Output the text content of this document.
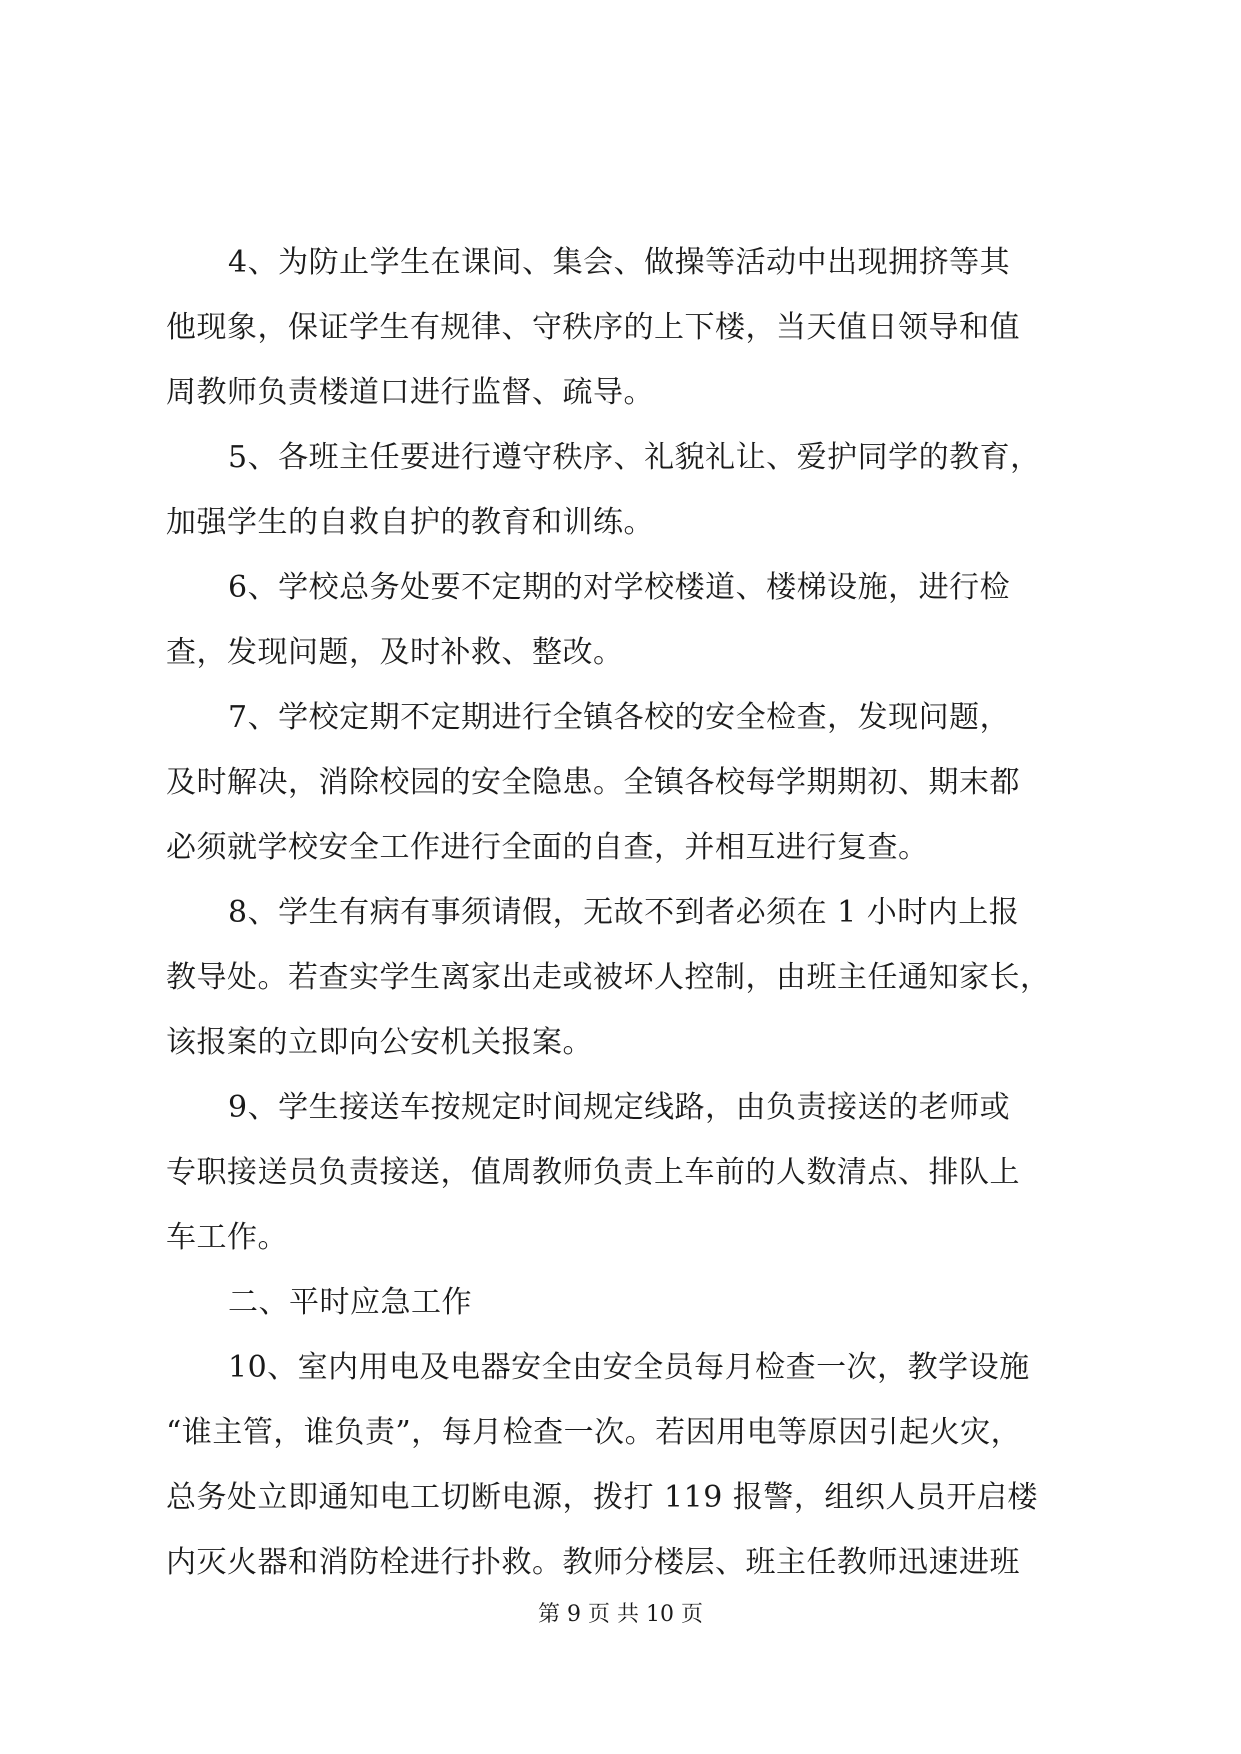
4、为防止学生在课间、集会、做操等活动中出现拥挤等其
他现象，保证学生有规律、守秩序的上下楼，当天值日领导和值
周教师负责楼道口进行监督、疏导。
5、各班主任要进行遵守秩序、礼貌礼让、爱护同学的教育，
加强学生的自救自护的教育和训练。
6、学校总务处要不定期的对学校楼道、楼梯设施，进行检
查，发现问题，及时补救、整改。
7、学校定期不定期进行全镇各校的安全检查，发现问题，
及时解决，消除校园的安全隐患。全镇各校每学期期初、期末都
必须就学校安全工作进行全面的自查，并相互进行复查。
8、学生有病有事须请假，无故不到者必须在 1 小时内上报
教导处。若查实学生离家出走或被坏人控制，由班主任通知家长，
该报案的立即向公安机关报案。
9、学生接送车按规定时间规定线路，由负责接送的老师或
专职接送员负责接送，值周教师负责上车前的人数清点、排队上
车工作。
二、平时应急工作
10、室内用电及电器安全由安全员每月检查一次，教学设施
“谁主管，谁负责”，每月检查一次。若因用电等原因引起火灾，
总务处立即通知电工切断电源，拨打 119 报警，组织人员开启楼
内灭火器和消防栓进行扑救。教师分楼层、班主任教师迅速进班
第 9 页 共 10 页
